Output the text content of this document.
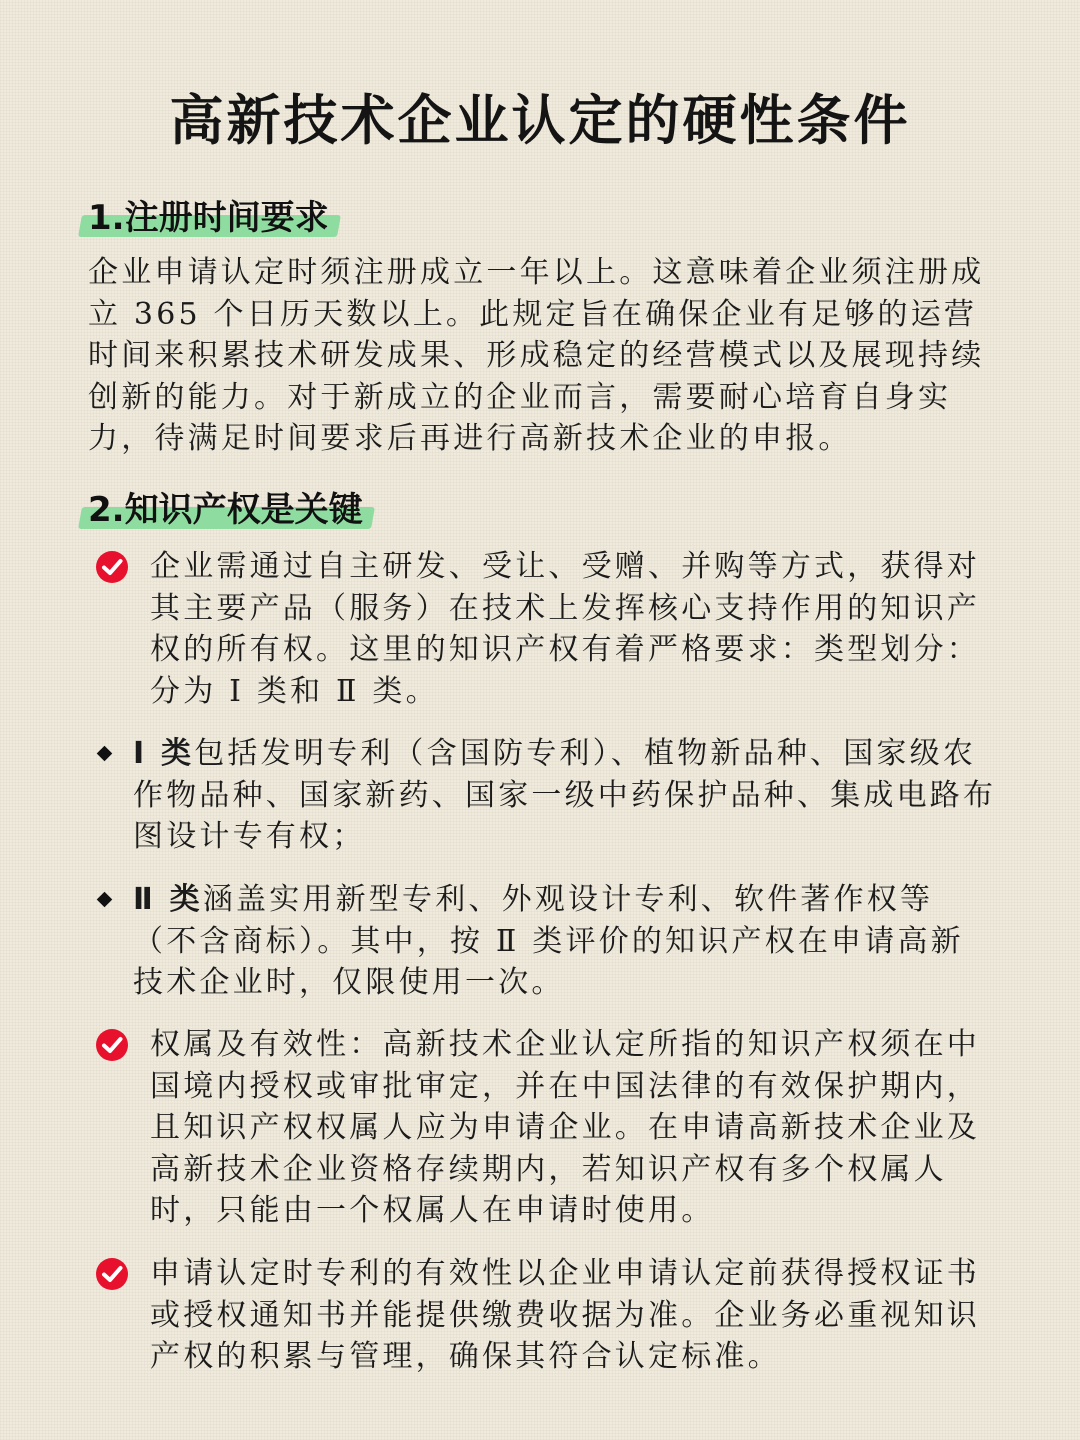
高新技术企业认定的硬性条件
1.注册时间要求
企业申请认定时须注册成立一年以上。这意味着企业须注册成立 365 个日历天数以上。此规定旨在确保企业有足够的运营时间来积累技术研发成果、形成稳定的经营模式以及展现持续创新的能力。对于新成立的企业而言，需要耐心培育自身实力，待满足时间要求后再进行高新技术企业的申报。
2.知识产权是关键
企业需通过自主研发、受让、受赠、并购等方式，获得对其主要产品（服务）在技术上发挥核心支持作用的知识产权的所有权。这里的知识产权有着严格要求：类型划分：分为 Ⅰ 类和 Ⅱ 类。
Ⅰ 类包括发明专利（含国防专利）、植物新品种、国家级农作物品种、国家新药、国家一级中药保护品种、集成电路布图设计专有权；
Ⅱ 类涵盖实用新型专利、外观设计专利、软件著作权等（不含商标）。其中，按 Ⅱ 类评价的知识产权在申请高新技术企业时，仅限使用一次。
权属及有效性：高新技术企业认定所指的知识产权须在中国境内授权或审批审定，并在中国法律的有效保护期内，且知识产权权属人应为申请企业。在申请高新技术企业及高新技术企业资格存续期内，若知识产权有多个权属人时，只能由一个权属人在申请时使用。
申请认定时专利的有效性以企业申请认定前获得授权证书或授权通知书并能提供缴费收据为准。企业务必重视知识产权的积累与管理，确保其符合认定标准。
